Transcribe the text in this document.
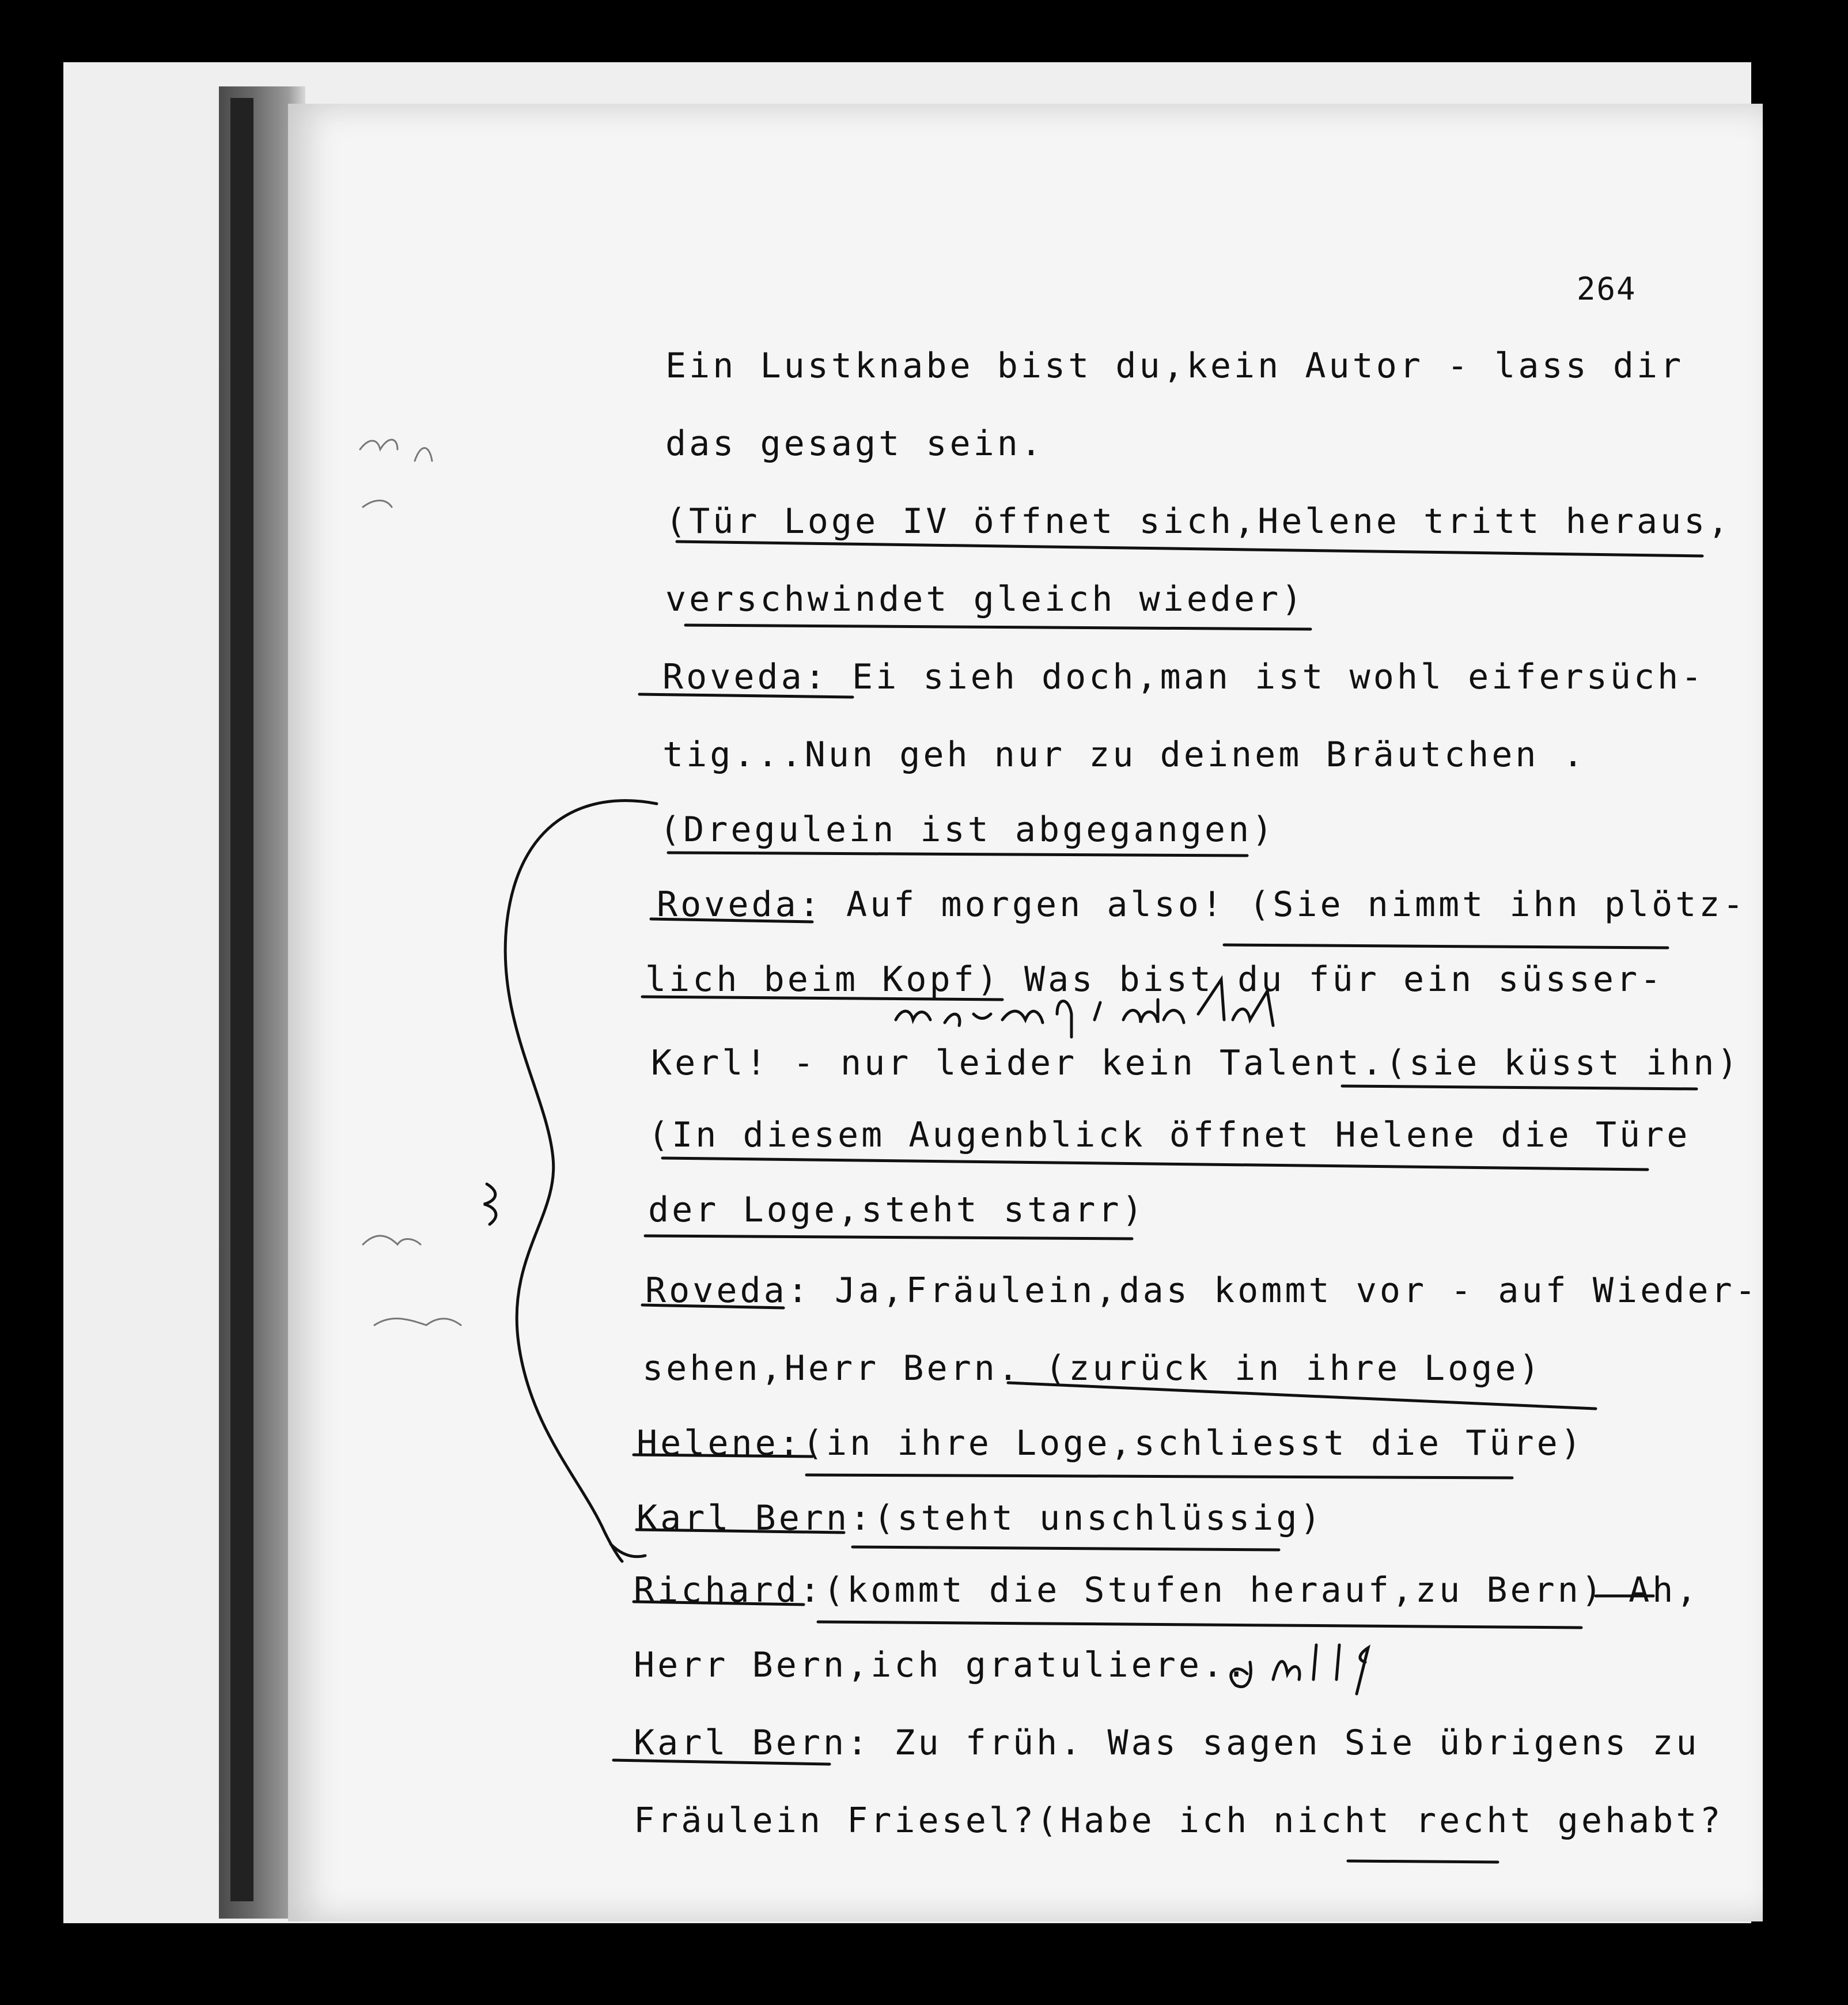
264
Ein Lustknabe bist du,kein Autor - lass dir
das gesagt sein.
(Tür Loge IV öffnet sich,Helene tritt heraus,
verschwindet gleich wieder)
Roveda: Ei sieh doch,man ist wohl eifersüch-
tig...Nun geh nur zu deinem Bräutchen .
(Dregulein ist abgegangen)
Roveda: Auf morgen also! (Sie nimmt ihn plötz-
lich beim Kopf) Was bist du für ein süsser-
Kerl! - nur leider kein Talent.(sie küsst ihn)
(In diesem Augenblick öffnet Helene die Türe
der Loge,steht starr)
Roveda: Ja,Fräulein,das kommt vor - auf Wieder-
sehen,Herr Bern. (zurück in ihre Loge)
Helene:(in ihre Loge,schliesst die Türe)
Karl Bern:(steht unschlüssig)
Richard:(kommt die Stufen herauf,zu Bern) Ah,
Herr Bern,ich gratuliere..
Karl Bern: Zu früh. Was sagen Sie übrigens zu
Fräulein Friesel?(Habe ich nicht recht gehabt?
